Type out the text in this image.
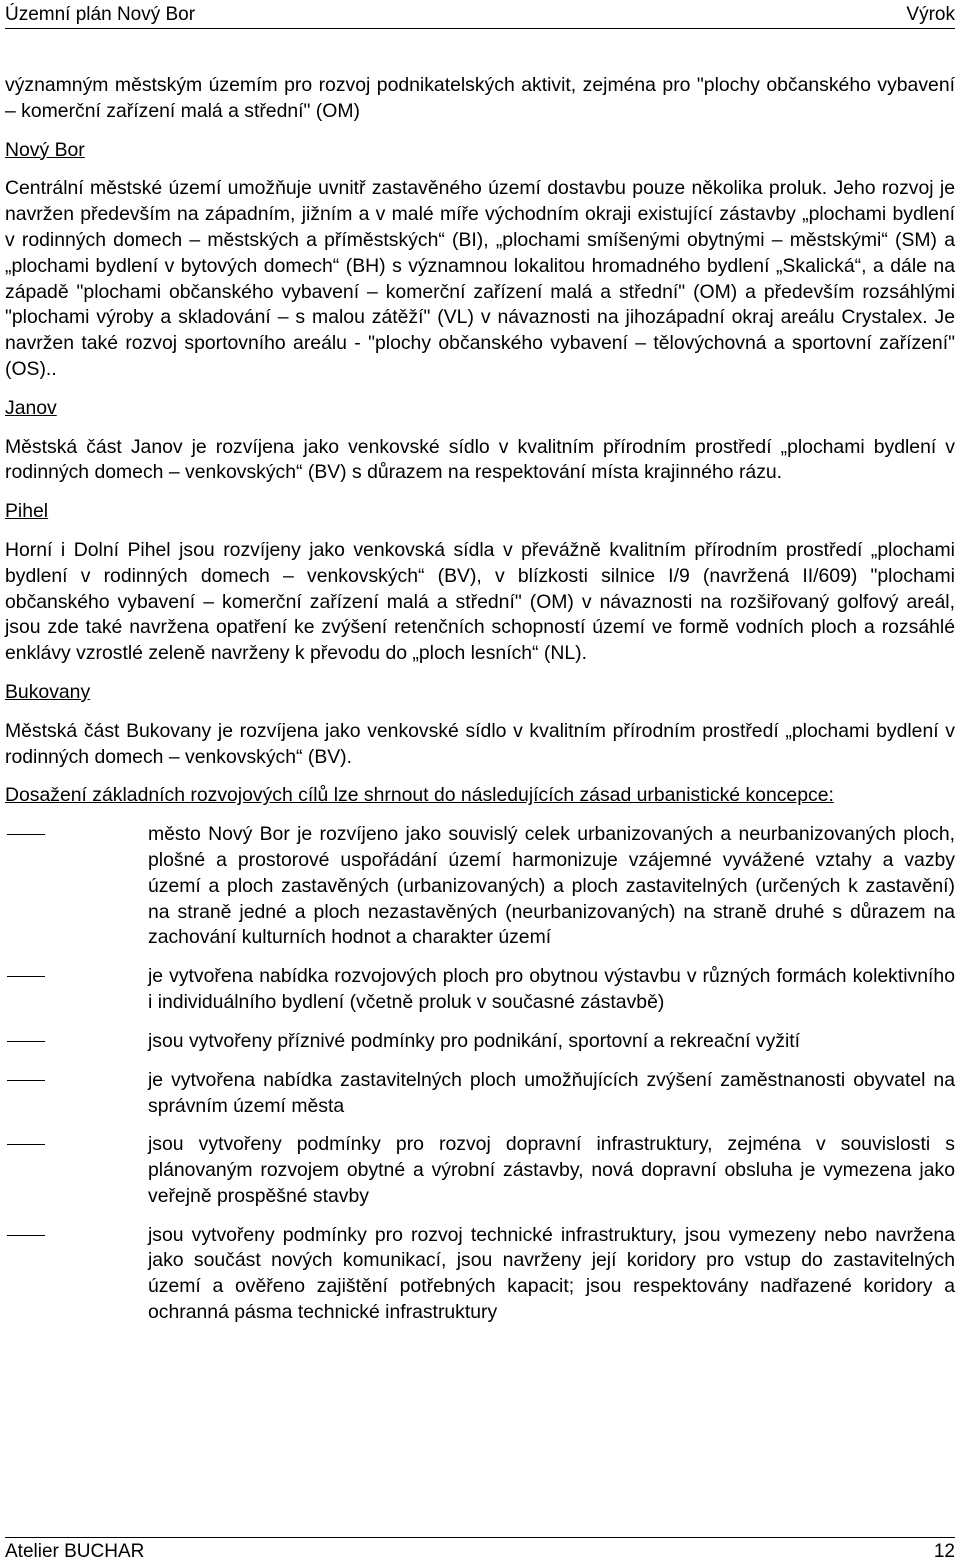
Územní plán Nový Bor	Výrok

významným městským územím pro rozvoj podnikatelských aktivit, zejména pro "plochy občanského vybavení – komerční zařízení malá a střední" (OM)

Nový Bor

Centrální městské území umožňuje uvnitř zastavěného území dostavbu pouze několika proluk. Jeho rozvoj je navržen především na západním, jižním a v malé míře východním okraji existující zástavby „plochami bydlení v rodinných domech – městských a příměstských“ (BI), „plochami smíšenými obytnými – městskými“ (SM) a „plochami bydlení v bytových domech“ (BH) s významnou lokalitou hromadného bydlení „Skalická“, a dále na západě "plochami občanského vybavení – komerční zařízení malá a střední" (OM) a především rozsáhlými "plochami výroby a skladování – s malou zátěží" (VL) v návaznosti na jihozápadní okraj areálu Crystalex. Je navržen také rozvoj sportovního areálu - "plochy občanského vybavení – tělovýchovná a sportovní zařízení" (OS)..

Janov

Městská část Janov je rozvíjena jako venkovské sídlo v kvalitním přírodním prostředí „plochami bydlení v rodinných domech – venkovských“ (BV) s důrazem na respektování místa krajinného rázu.

Pihel

Horní i Dolní Pihel jsou rozvíjeny jako venkovská sídla v převážně kvalitním přírodním prostředí „plochami bydlení v rodinných domech – venkovských“ (BV), v blízkosti silnice I/9 (navržená II/609) "plochami občanského vybavení – komerční zařízení malá a střední" (OM) v návaznosti na rozšiřovaný golfový areál, jsou zde také navržena opatření ke zvýšení retenčních schopností území ve formě vodních ploch a rozsáhlé enklávy vzrostlé zeleně navrženy k převodu do „ploch lesních“ (NL).

Bukovany

Městská část Bukovany je rozvíjena jako venkovské sídlo v kvalitním přírodním prostředí „plochami bydlení v rodinných domech – venkovských“ (BV).

Dosažení základních rozvojových cílů lze shrnout do následujících zásad urbanistické koncepce:

město Nový Bor je rozvíjeno jako souvislý celek urbanizovaných a neurbanizovaných ploch, plošné a prostorové uspořádání území harmonizuje vzájemné vyvážené vztahy a vazby území a ploch zastavěných (urbanizovaných) a ploch zastavitelných (určených k zastavění) na straně jedné a ploch nezastavěných (neurbanizovaných) na straně druhé s důrazem na zachování kulturních hodnot a charakter území
je vytvořena nabídka rozvojových ploch pro obytnou výstavbu v různých formách kolektivního i individuálního bydlení (včetně proluk v současné zástavbě)
jsou vytvořeny příznivé podmínky pro podnikání, sportovní a rekreační vyžití
je vytvořena nabídka zastavitelných ploch umožňujících zvýšení zaměstnanosti obyvatel na správním území města
jsou vytvořeny podmínky pro rozvoj dopravní infrastruktury, zejména v souvislosti s plánovaným rozvojem obytné a výrobní zástavby, nová dopravní obsluha je vymezena jako veřejně prospěšné stavby
jsou vytvořeny podmínky pro rozvoj technické infrastruktury, jsou vymezeny nebo navržena jako součást nových komunikací, jsou navrženy její koridory pro vstup do zastavitelných území a ověřeno zajištění potřebných kapacit; jsou respektovány nadřazené koridory a ochranná pásma technické infrastruktury
Atelier BUCHAR	12
